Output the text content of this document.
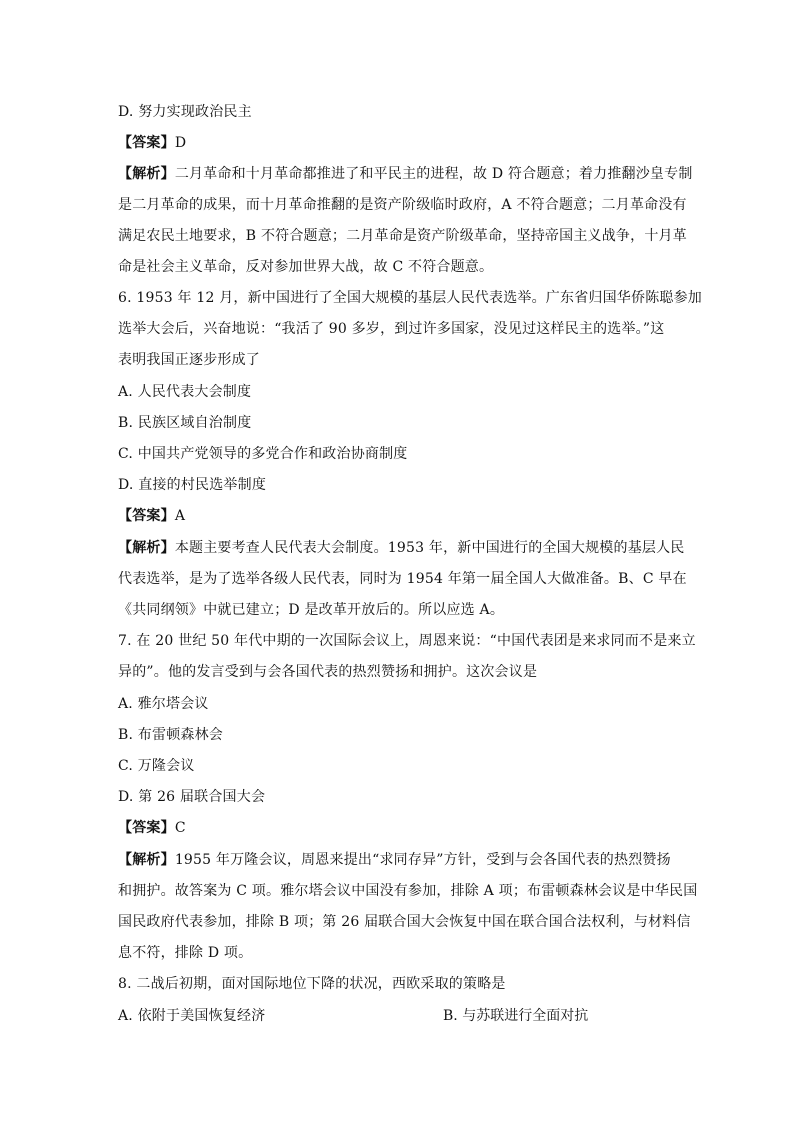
D. 努力实现政治民主
【答案】D
【解析】二月革命和十月革命都推进了和平民主的进程，故 D 符合题意；着力推翻沙皇专制
是二月革命的成果，而十月革命推翻的是资产阶级临时政府，A 不符合题意；二月革命没有
满足农民土地要求，B 不符合题意；二月革命是资产阶级革命，坚持帝国主义战争，十月革
命是社会主义革命，反对参加世界大战，故 C 不符合题意。
6. 1953 年 12 月，新中国进行了全国大规模的基层人民代表选举。广东省归国华侨陈聪参加
选举大会后，兴奋地说：“我活了 90 多岁，到过许多国家，没见过这样民主的选举。”这
表明我国正逐步形成了
A. 人民代表大会制度
B. 民族区域自治制度
C. 中国共产党领导的多党合作和政治协商制度
D. 直接的村民选举制度
【答案】A
【解析】本题主要考查人民代表大会制度。1953 年，新中国进行的全国大规模的基层人民
代表选举，是为了选举各级人民代表，同时为 1954 年第一届全国人大做准备。B、C 早在
《共同纲领》中就已建立；D 是改革开放后的。所以应选 A。
7. 在 20 世纪 50 年代中期的一次国际会议上，周恩来说：“中国代表团是来求同而不是来立
异的”。他的发言受到与会各国代表的热烈赞扬和拥护。这次会议是
A. 雅尔塔会议
B. 布雷顿森林会
C. 万隆会议
D. 第 26 届联合国大会
【答案】C
【解析】1955 年万隆会议，周恩来提出“求同存异”方针，受到与会各国代表的热烈赞扬
和拥护。故答案为 C 项。雅尔塔会议中国没有参加，排除 A 项；布雷顿森林会议是中华民国
国民政府代表参加，排除 B 项；第 26 届联合国大会恢复中国在联合国合法权利，与材料信
息不符，排除 D 项。
8. 二战后初期，面对国际地位下降的状况，西欧采取的策略是
A. 依附于美国恢复经济	B. 与苏联进行全面对抗
